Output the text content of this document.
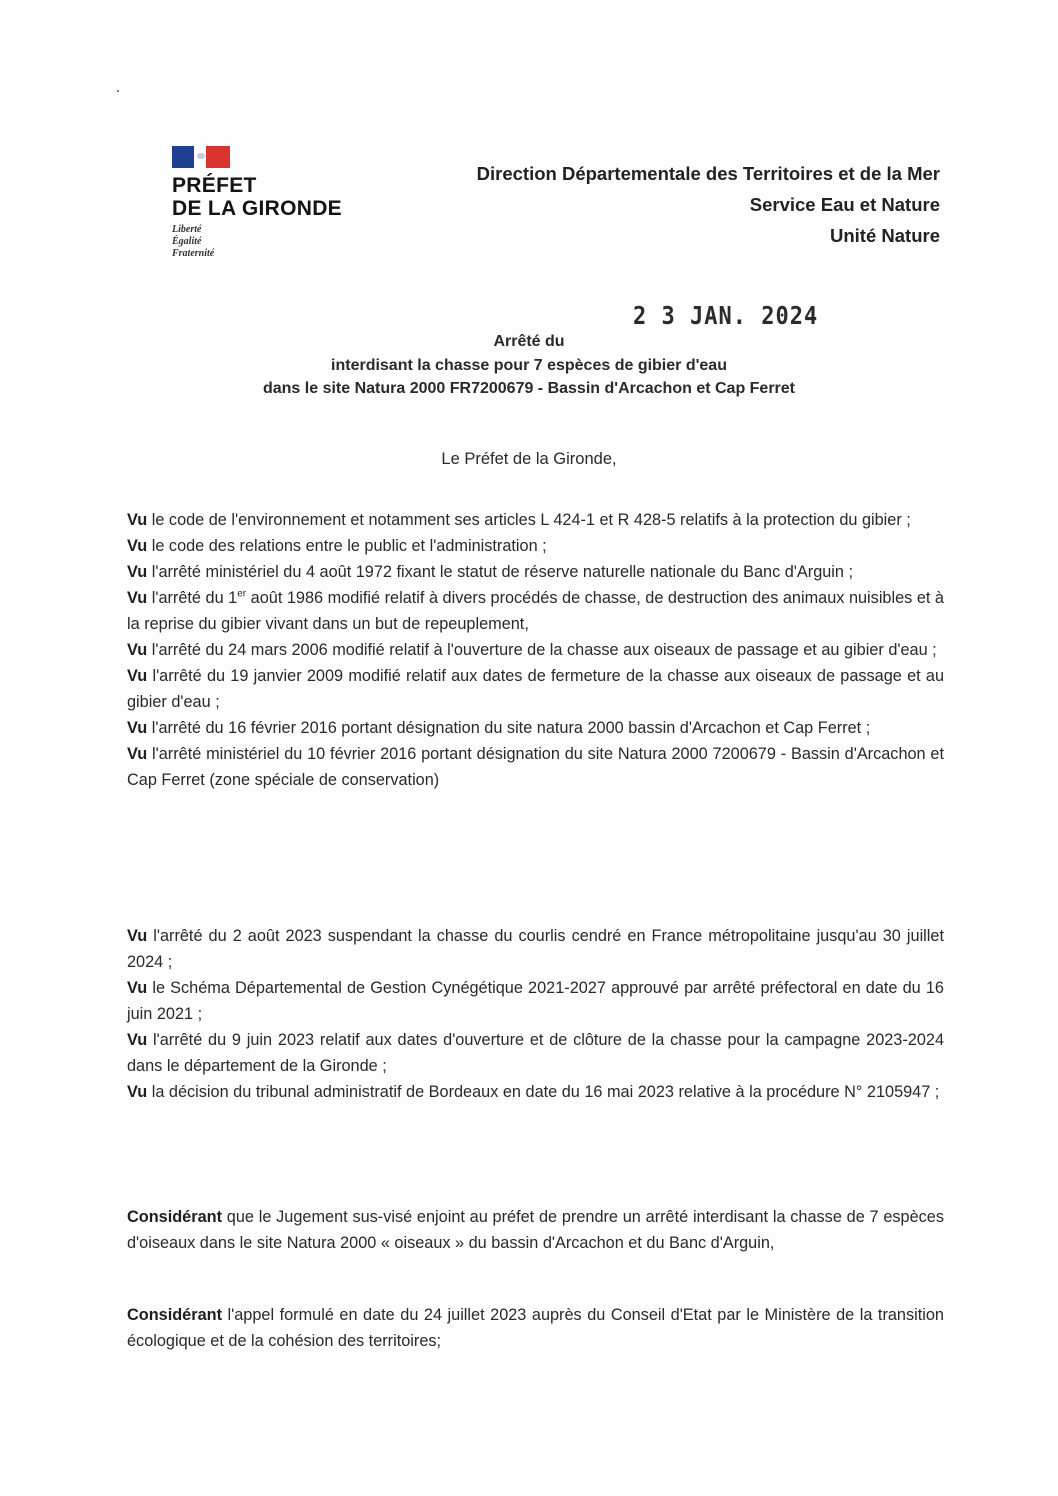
PRÉFET
DE LA GIRONDE
Liberté
Égalité
Fraternité
Direction Départementale des Territoires et de la Mer
Service Eau et Nature
Unité Nature
2 3 JAN. 2024
Arrêté du
interdisant la chasse pour 7 espèces de gibier d'eau
dans le site Natura 2000 FR7200679 - Bassin d'Arcachon et Cap Ferret
Le Préfet de la Gironde,

Vu le code de l'environnement et notamment ses articles L 424-1 et R 428-5 relatifs à la protection du gibier ;

Vu le code des relations entre le public et l'administration ;

Vu l'arrêté ministériel du 4 août 1972 fixant le statut de réserve naturelle nationale du Banc d'Arguin ;

Vu l'arrêté du 1er août 1986 modifié relatif à divers procédés de chasse, de destruction des animaux nuisibles et à la reprise du gibier vivant dans un but de repeuplement,

Vu l'arrêté du 24 mars 2006 modifié relatif à l'ouverture de la chasse aux oiseaux de passage et au gibier d'eau ;

Vu l'arrêté du 19 janvier 2009 modifié relatif aux dates de fermeture de la chasse aux oiseaux de passage et au gibier d'eau ;

Vu l'arrêté du 16 février 2016 portant désignation du site natura 2000 bassin d'Arcachon et Cap Ferret ;

Vu l'arrêté ministériel du 10 février 2016 portant désignation du site Natura 2000 7200679 - Bassin d'Arcachon et Cap Ferret (zone spéciale de conservation)

Vu l'arrêté du 2 août 2023 suspendant la chasse du courlis cendré en France métropolitaine jusqu'au 30 juillet 2024 ;

Vu le Schéma Départemental de Gestion Cynégétique 2021-2027 approuvé par arrêté préfectoral en date du 16 juin 2021 ;

Vu l'arrêté du 9 juin 2023 relatif aux dates d'ouverture et de clôture de la chasse pour la campagne 2023-2024 dans le département de la Gironde ;

Vu la décision du tribunal administratif de Bordeaux en date du 16 mai 2023 relative à la procédure N° 2105947 ;

Considérant que le Jugement sus-visé enjoint au préfet de prendre un arrêté interdisant la chasse de 7 espèces d'oiseaux dans le site Natura 2000 « oiseaux » du bassin d'Arcachon et du Banc d'Arguin,

Considérant l'appel formulé en date du 24 juillet 2023 auprès du Conseil d'Etat par le Ministère de la transition écologique et de la cohésion des territoires;
